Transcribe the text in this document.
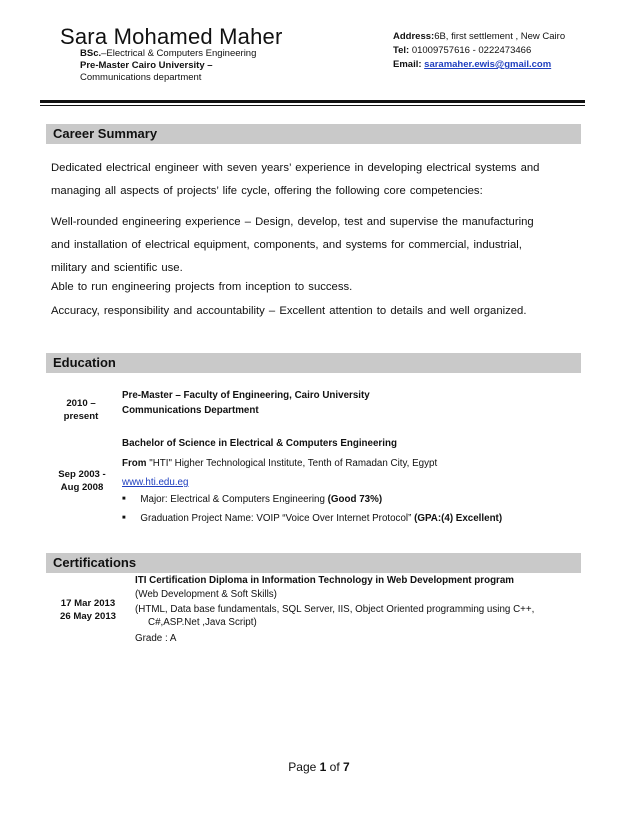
Sara Mohamed Maher
BSc.–Electrical & Computers Engineering
Pre-Master Cairo University –
Communications department
Address:6B, first settlement , New Cairo
Tel: 01009757616 - 0222473466
Email: saramaher.ewis@gmail.com
Career Summary
Dedicated electrical engineer with seven years’ experience in developing electrical systems and
managing all aspects of projects’ life cycle, offering the following core competencies:
Well-rounded engineering experience – Design, develop, test and supervise the manufacturing
and installation of electrical equipment, components, and systems for commercial, industrial,
military and scientific use.
Able to run engineering projects from inception to success.
Accuracy, responsibility and accountability – Excellent attention to details and well organized.
Education
2010 –
present
Pre-Master – Faculty of Engineering, Cairo University
Communications Department
Sep 2003 -
Aug 2008
Bachelor of Science in Electrical & Computers Engineering
From "HTI" Higher Technological Institute, Tenth of Ramadan City, Egypt
www.hti.edu.eg
■ Major: Electrical & Computers Engineering (Good 73%)
■ Graduation Project Name: VOIP “Voice Over Internet Protocol” (GPA:(4) Excellent)
Certifications
17 Mar 2013
26 May 2013
ITI Certification Diploma in Information Technology in Web Development program
(Web Development & Soft Skills)
(HTML, Data base fundamentals, SQL Server, IIS, Object Oriented programming using C++,
C#,ASP.Net ,Java Script)
Grade : A
Page 1 of 7
